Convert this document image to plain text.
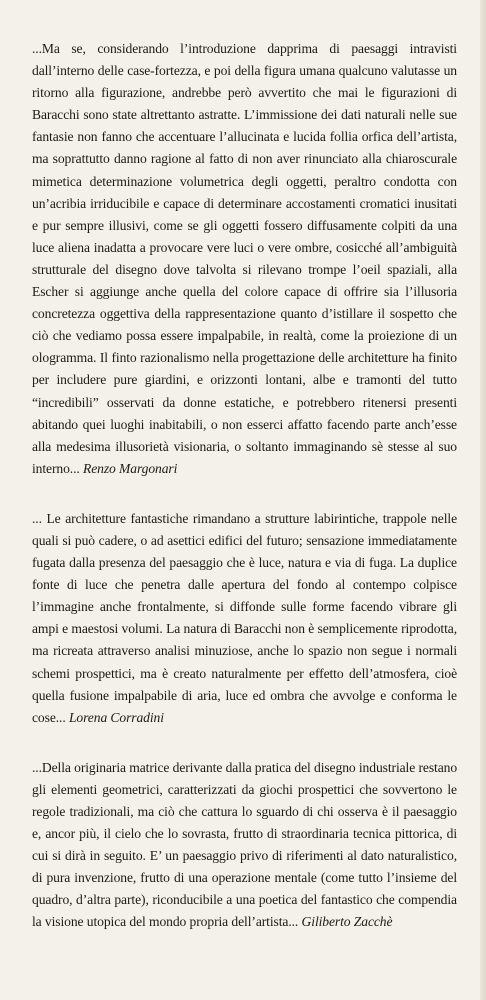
...Ma se, considerando l’introduzione dapprima di paesaggi intravisti dall’interno delle case-fortezza, e poi della figura umana qualcuno valutasse un ritorno alla figurazione, andrebbe però avvertito che mai le figurazioni di Baracchi sono state altrettanto astratte. L’immissione dei dati naturali nelle sue fantasie non fanno che accentuare l’allucinata e lucida follia orfica dell’artista, ma soprattutto danno ragione al fatto di non aver rinunciato alla chiaroscurale mimetica determinazione volumetrica degli oggetti, peraltro condotta con un’acribia irriducibile e capace di determinare accostamenti cromatici inusitati e pur sempre illusivi, come se gli oggetti fossero diffusamente colpiti da una luce aliena inadatta a provocare vere luci o vere ombre, cosicché all’ambiguità strutturale del disegno dove talvolta si rilevano trompe l’oeil spaziali, alla Escher si aggiunge anche quella del colore capace di offrire sia l’illusoria concretezza oggettiva della rappresentazione quanto d’istillare il sospetto che ciò che vediamo possa essere impalpabile, in realtà, come la proiezione di un ologramma. Il finto razionalismo nella progettazione delle architetture ha finito per includere pure giardini, e orizzonti lontani, albe e tramonti del tutto “incredibili” osservati da donne estatiche, e potrebbero ritenersi presenti abitando quei luoghi inabitabili, o non esserci affatto facendo parte anch’esse alla medesima illusorietà visionaria, o soltanto immaginando sè stesse al suo interno... Renzo Margonari

... Le architetture fantastiche rimandano a strutture labirintiche, trappole nelle quali si può cadere, o ad asettici edifici del futuro; sensazione immediatamente fugata dalla presenza del paesaggio che è luce, natura e via di fuga. La duplice fonte di luce che penetra dalle apertura del fondo al contempo colpisce l’immagine anche frontalmente, si diffonde sulle forme facendo vibrare gli ampi e maestosi volumi. La natura di Baracchi non è semplicemente riprodotta, ma ricreata attraverso analisi minuziose, anche lo spazio non segue i normali schemi prospettici, ma è creato naturalmente per effetto dell’atmosfera, cioè quella fusione impalpabile di aria, luce ed ombra che avvolge e conforma le cose... Lorena Corradini

...Della originaria matrice derivante dalla pratica del disegno industriale restano gli elementi geometrici, caratterizzati da giochi prospettici che sovvertono le regole tradizionali, ma ciò che cattura lo sguardo di chi osserva è il paesaggio e, ancor più, il cielo che lo sovrasta, frutto di straordinaria tecnica pittorica, di cui si dirà in seguito. E’ un paesaggio privo di riferimenti al dato naturalistico, di pura invenzione, frutto di una operazione mentale (come tutto l’insieme del quadro, d’altra parte), riconducibile a una poetica del fantastico che compendia la visione utopica del mondo propria dell’artista... Giliberto Zacchè
